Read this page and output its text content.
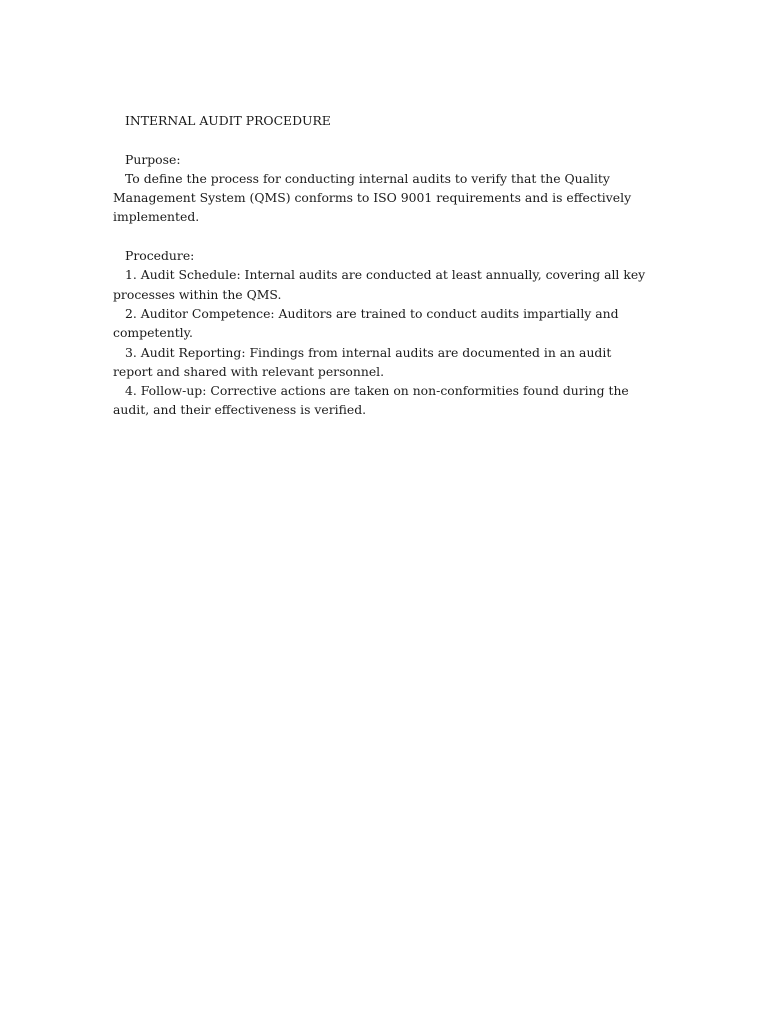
INTERNAL AUDIT PROCEDURE

Purpose:

To define the process for conducting internal audits to verify that the Quality Management System (QMS) conforms to ISO 9001 requirements and is effectively implemented.

Procedure:

1. Audit Schedule: Internal audits are conducted at least annually, covering all key processes within the QMS.

2. Auditor Competence: Auditors are trained to conduct audits impartially and competently.

3. Audit Reporting: Findings from internal audits are documented in an audit report and shared with relevant personnel.

4. Follow-up: Corrective actions are taken on non-conformities found during the audit, and their effectiveness is verified.
